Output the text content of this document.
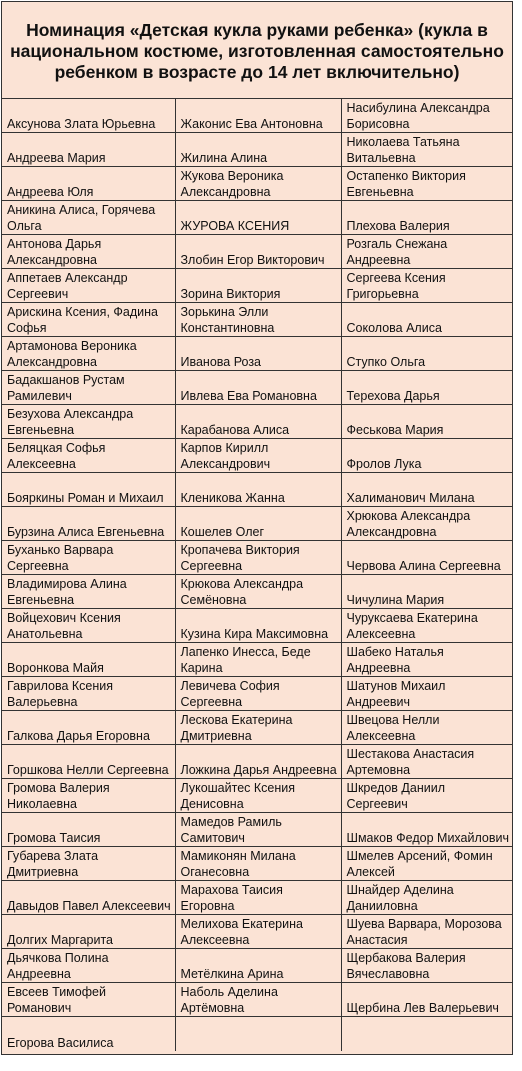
Номинация «Детская кукла руками ребенка» (кукла в национальном костюме, изготовленная самостоятельно ребенком в возрасте до 14 лет включительно)
Аксунова Злата Юрьевна	Жаконис Ева Антоновна	Насибулина Александра Борисовна
Андреева Мария	Жилина Алина	Николаева Татьяна Витальевна
Андреева Юля	Жукова Вероника Александровна	Остапенко Виктория Евгеньевна
Аникина Алиса, Горячева Ольга	ЖУРОВА КСЕНИЯ	Плехова Валерия
Антонова Дарья Александровна	Злобин Егор Викторович	Розгаль Снежана Андреевна
Аппетаев Александр Сергеевич	Зорина Виктория	Сергеева Ксения Григорьевна
Арискина Ксения, Фадина Софья	Зорькина Элли Константиновна	Соколова Алиса
Артамонова Вероника Александровна	Иванова Роза	Ступко Ольга
Бадакшанов Рустам Рамилевич	Ивлева Ева Романовна	Терехова Дарья
Безухова Александра Евгеньевна	Карабанова Алиса	Феськова Мария
Беляцкая Софья Алексеевна	Карпов Кирилл Александрович	Фролов Лука
Бояркины Роман и Михаил	Кленикова Жанна	Халиманович Милана
Бурзина Алиса Евгеньевна	Кошелев Олег	Хрюкова Александра Александровна
Буханько Варвара Сергеевна	Кропачева Виктория Сергеевна	Червова Алина Сергеевна
Владимирова Алина Евгеньевна	Крюкова Александра Семёновна	Чичулина Мария
Войцехович Ксения Анатольевна	Кузина Кира Максимовна	Чуруксаева Екатерина Алексеевна
Воронкова Майя	Лапенко Инесса, Беде Карина	Шабеко Наталья Андреевна
Гаврилова Ксения Валерьевна	Левичева София Сергеевна	Шатунов Михаил Андреевич
Галкова Дарья Егоровна	Лескова Екатерина Дмитриевна	Швецова Нелли Алексеевна
Горшкова Нелли Сергеевна	Ложкина Дарья Андреевна	Шестакова Анастасия Артемовна
Громова Валерия Николаевна	Лукошайтес Ксения Денисовна	Шкредов Даниил Сергеевич
Громова Таисия	Мамедов Рамиль Самитович	Шмаков Федор Михайлович
Губарева Злата Дмитриевна	Мамиконян Милана Оганесовна	Шмелев Арсений, Фомин Алексей
Давыдов Павел Алексеевич	Марахова Таисия Егоровна	Шнайдер Аделина Данииловна
Долгих Маргарита	Мелихова Екатерина Алексеевна	Шуева Варвара, Морозова Анастасия
Дьячкова Полина Андреевна	Метёлкина Арина	Щербакова Валерия Вячеславовна
Евсеев Тимофей Романович	Наболь Аделина Артёмовна	Щербина Лев Валерьевич
Егорова Василиса		
